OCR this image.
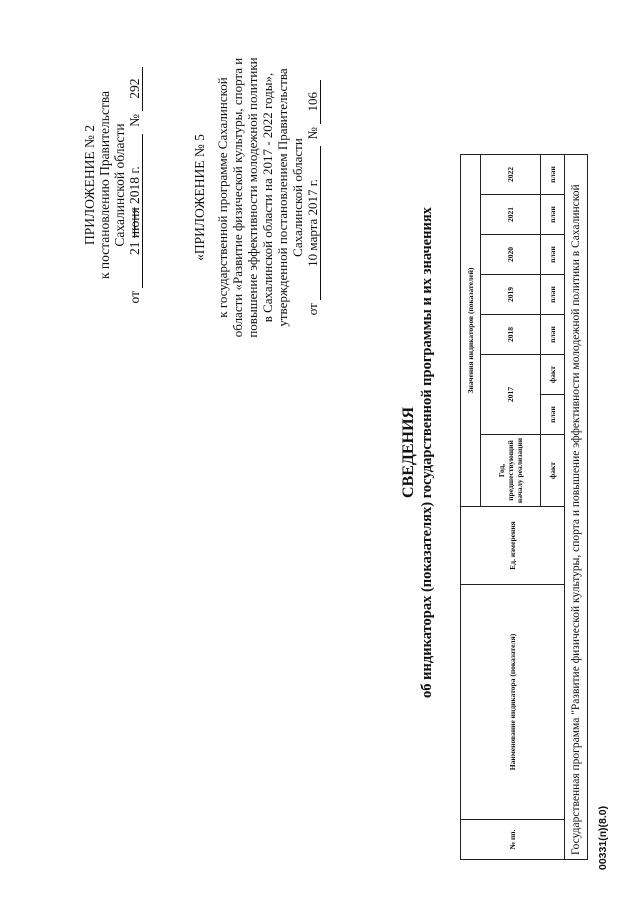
ПРИЛОЖЕНИЕ № 2 к постановлению Правительства Сахалинской области
от 21 июня 2018 г.  № 292
«ПРИЛОЖЕНИЕ № 5 к государственной программе Сахалинской области «Развитие физической культуры, спорта и повышение эффективности молодежной политики в Сахалинской области на 2017 - 2022 годы», утвержденной постановлением Правительства Сахалинской области
от 10 марта 2017 г.  № 106
СВЕДЕНИЯ об индикаторах (показателях) государственной программы и их значениях
№ пп.	Наименование индикатора (показателя)	Ед. измерения	Значения индикаторов (показателей)							
			Год, предшествующий началу реализации	2017		2018	2019	2020	2021	2022
			факт	план	факт	план	план	план	план	план
Государственная программа "Развитие физической культуры, спорта и повышение эффективности молодежной политики в Сахалинской										00331(п)(8.0)
